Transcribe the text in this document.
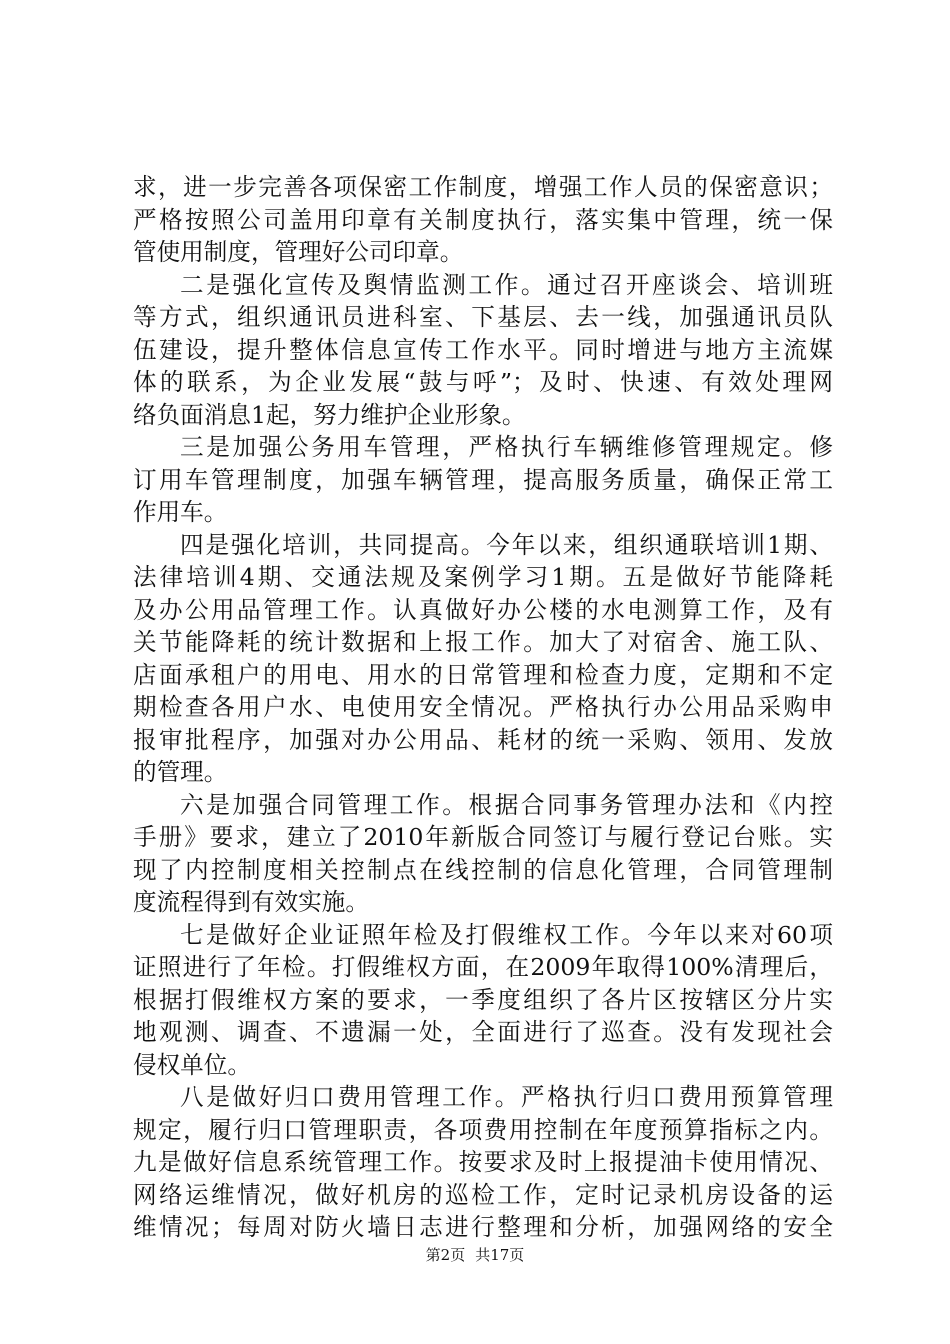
求，进一步完善各项保密工作制度，增强工作人员的保密意识；
严格按照公司盖用印章有关制度执行，落实集中管理，统一保
管使用制度，管理好公司印章。
二是强化宣传及舆情监测工作。通过召开座谈会、培训班
等方式，组织通讯员进科室、下基层、去一线，加强通讯员队
伍建设，提升整体信息宣传工作水平。同时增进与地方主流媒
体的联系，为企业发展“鼓与呼”；及时、快速、有效处理网
络负面消息1起，努力维护企业形象。
三是加强公务用车管理，严格执行车辆维修管理规定。修
订用车管理制度，加强车辆管理，提高服务质量，确保正常工
作用车。
四是强化培训，共同提高。今年以来，组织通联培训1期、
法律培训4期、交通法规及案例学习1期。五是做好节能降耗
及办公用品管理工作。认真做好办公楼的水电测算工作，及有
关节能降耗的统计数据和上报工作。加大了对宿舍、施工队、
店面承租户的用电、用水的日常管理和检查力度，定期和不定
期检查各用户水、电使用安全情况。严格执行办公用品采购申
报审批程序，加强对办公用品、耗材的统一采购、领用、发放
的管理。
六是加强合同管理工作。根据合同事务管理办法和《内控
手册》要求，建立了2010年新版合同签订与履行登记台账。实
现了内控制度相关控制点在线控制的信息化管理，合同管理制
度流程得到有效实施。
七是做好企业证照年检及打假维权工作。今年以来对60项
证照进行了年检。打假维权方面，在2009年取得100%清理后，
根据打假维权方案的要求，一季度组织了各片区按辖区分片实
地观测、调查、不遗漏一处，全面进行了巡查。没有发现社会
侵权单位。
八是做好归口费用管理工作。严格执行归口费用预算管理
规定，履行归口管理职责，各项费用控制在年度预算指标之内。
九是做好信息系统管理工作。按要求及时上报提油卡使用情况、
网络运维情况，做好机房的巡检工作，定时记录机房设备的运
维情况；每周对防火墙日志进行整理和分析，加强网络的安全
第2页 共17页
